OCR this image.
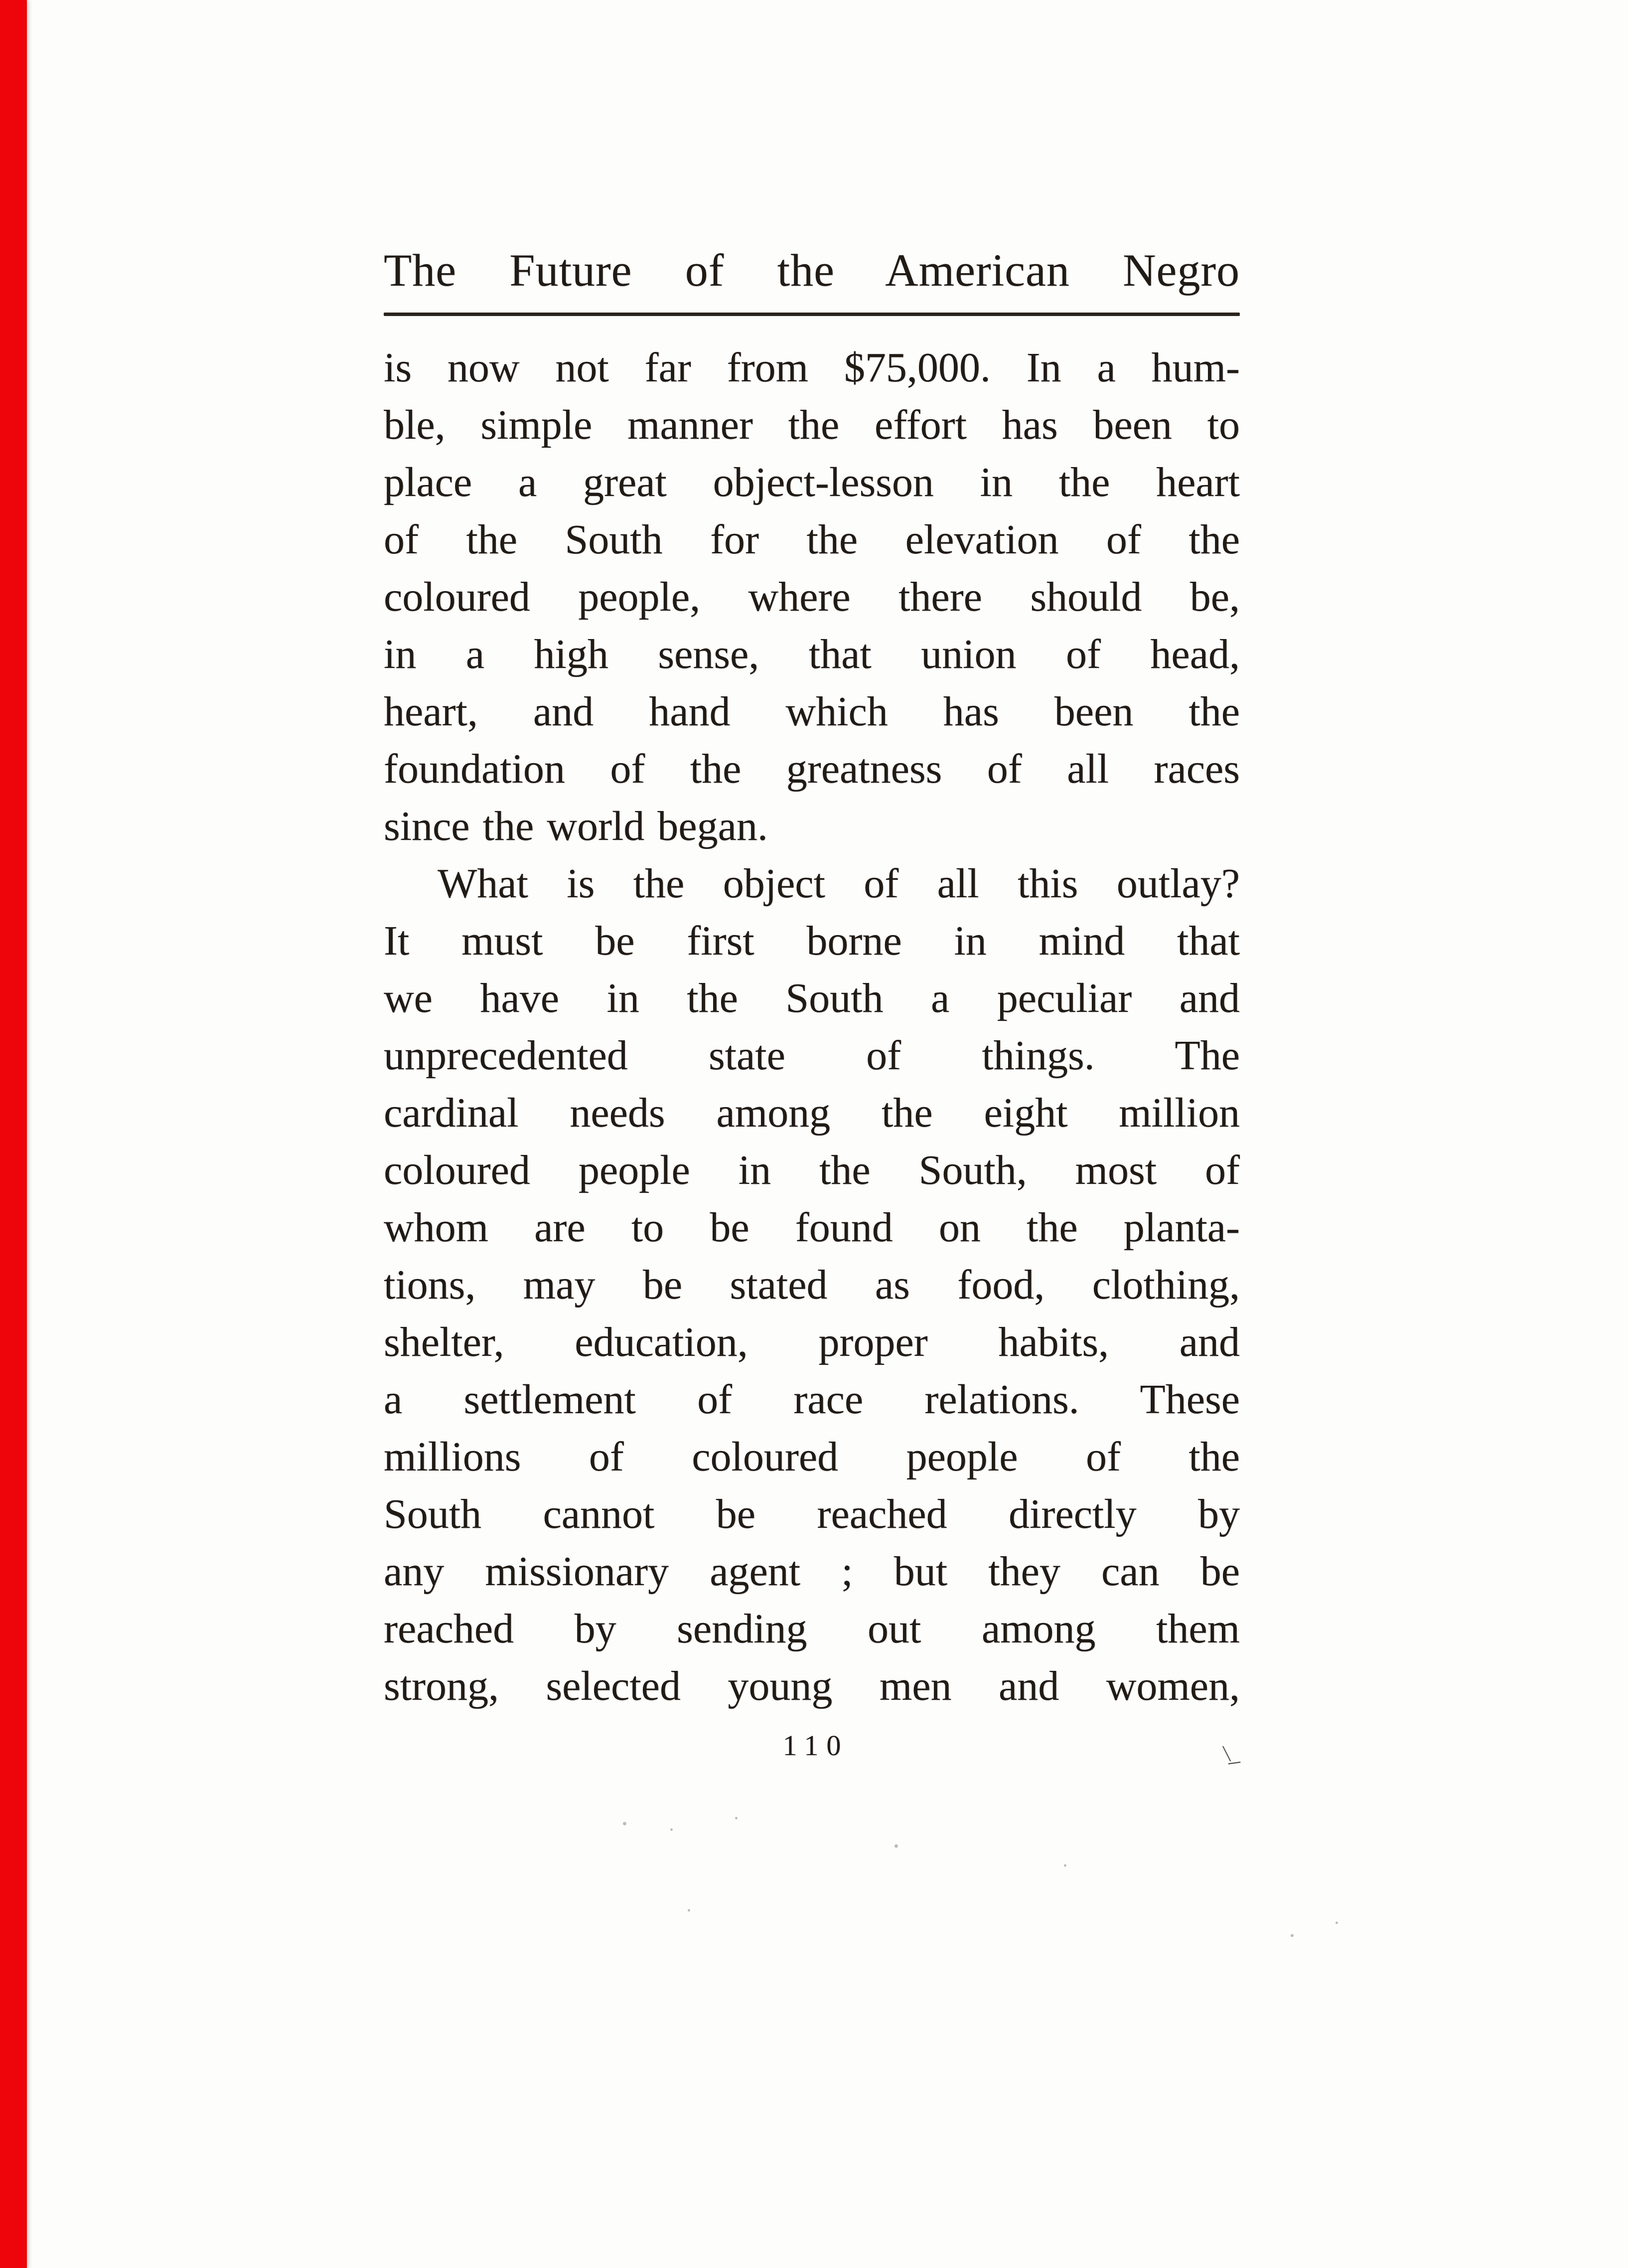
The Future of the American Negro
is now not far from $75,000. In a hum-
ble, simple manner the effort has been to
place a great object-lesson in the heart
of the South for the elevation of the
coloured people, where there should be,
in a high sense, that union of head,
heart, and hand which has been the
foundation of the greatness of all races
since the world began.
What is the object of all this outlay?
It must be first borne in mind that
we have in the South a peculiar and
unprecedented state of things. The
cardinal needs among the eight million
coloured people in the South, most of
whom are to be found on the planta-
tions, may be stated as food, clothing,
shelter, education, proper habits, and
a settlement of race relations. These
millions of coloured people of the
South cannot be reached directly by
any missionary agent ; but they can be
reached by sending out among them
strong, selected young men and women,
110	\_
